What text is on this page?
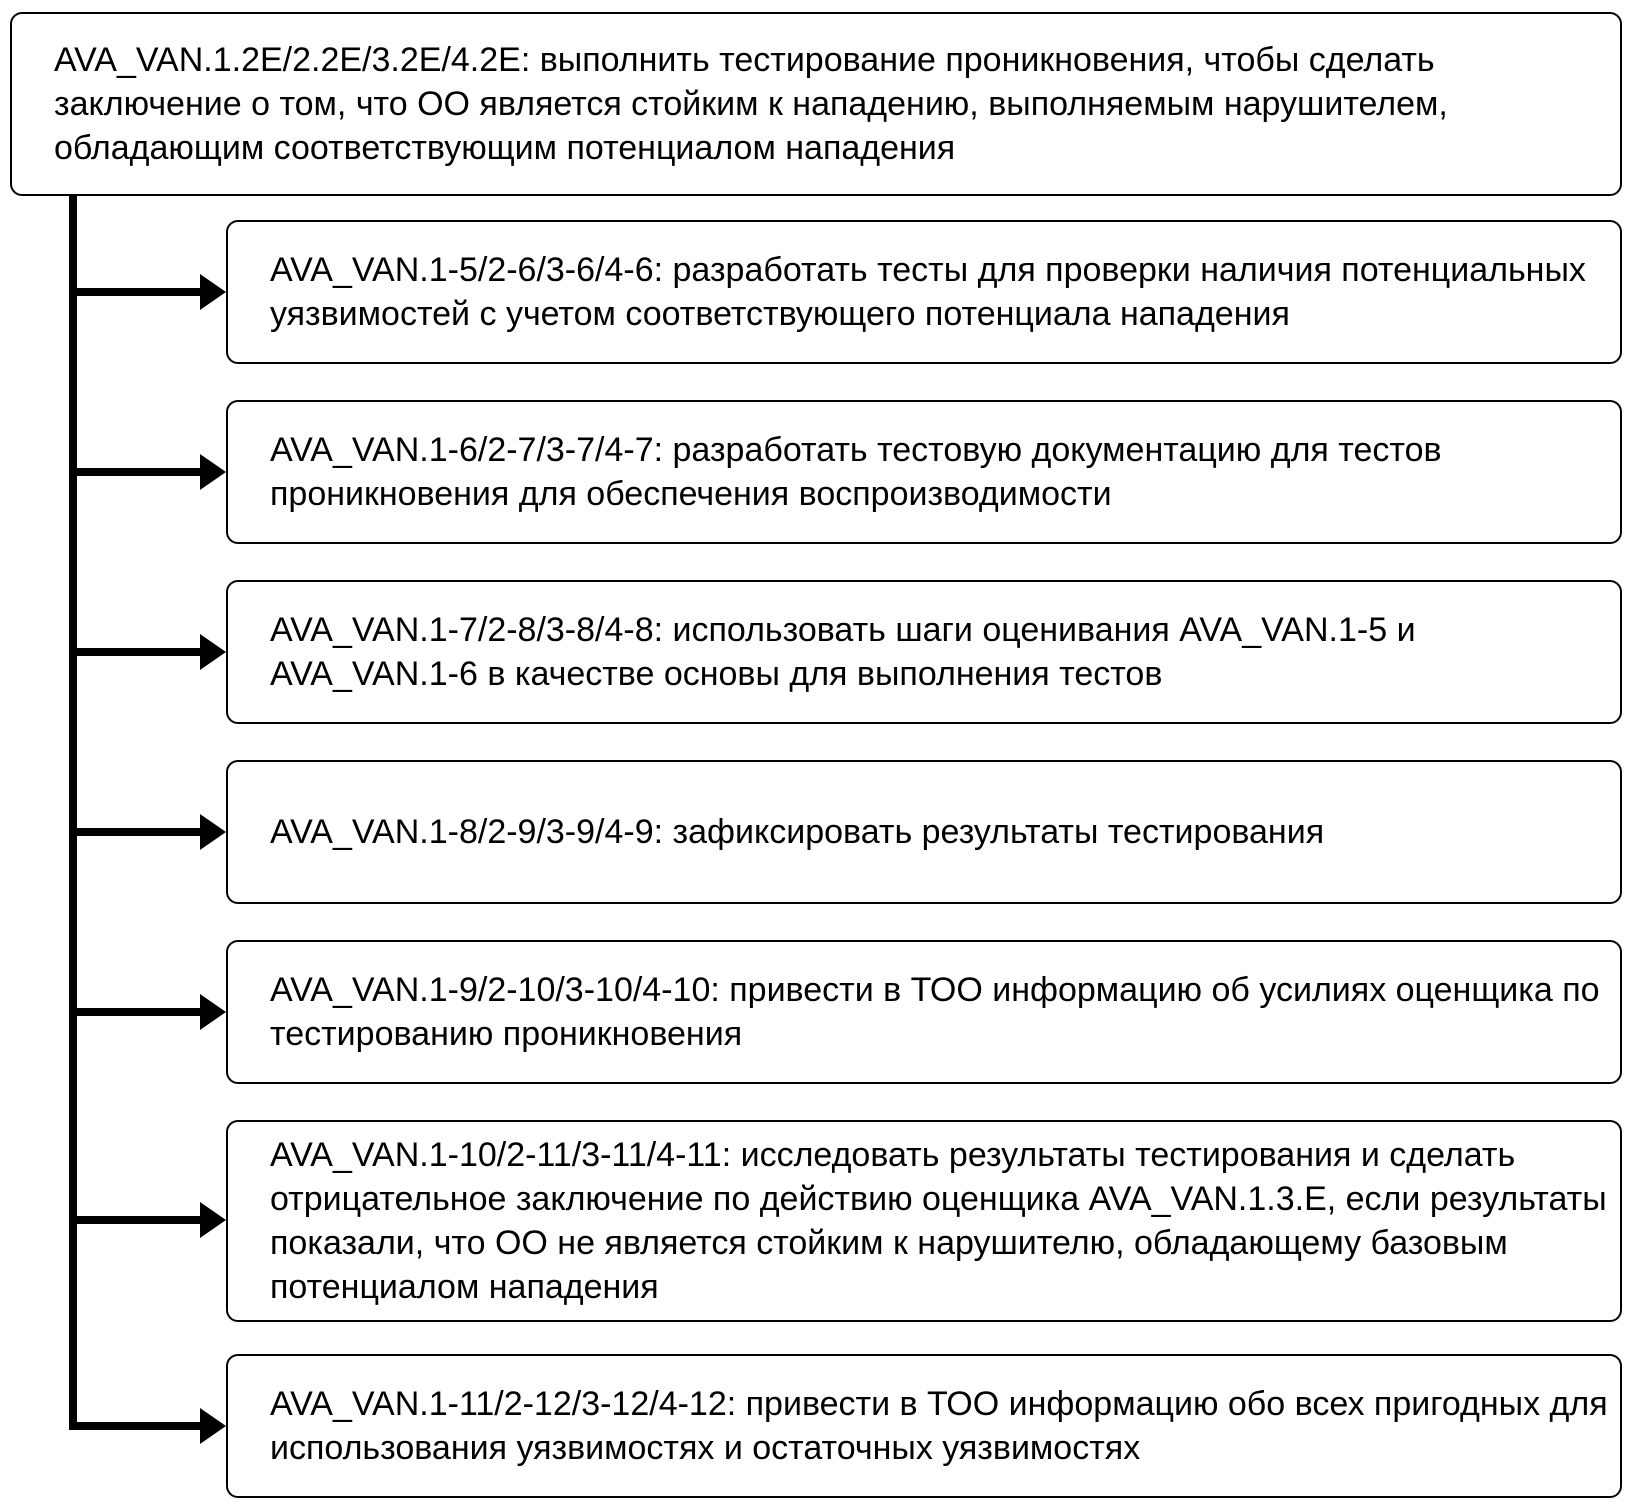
AVA_VAN.1.2E/2.2E/3.2E/4.2E: выполнить тестирование проникновения, чтобы сделать заключение о том, что ОО является стойким к нападению, выполняемым нарушителем, обладающим соответствующим потенциалом нападения
AVA_VAN.1-5/2-6/3-6/4-6: разработать тесты для проверки наличия потенциальных уязвимостей с учетом соответствующего потенциала нападения
AVA_VAN.1-6/2-7/3-7/4-7: разработать тестовую документацию для тестов проникновения для обеспечения воспроизводимости
AVA_VAN.1-7/2-8/3-8/4-8: использовать шаги оценивания AVA_VAN.1-5 и AVA_VAN.1-6 в качестве основы для выполнения тестов
AVA_VAN.1-8/2-9/3-9/4-9: зафиксировать результаты тестирования
AVA_VAN.1-9/2-10/3-10/4-10: привести в ТОО информацию об усилиях оценщика по тестированию проникновения
AVA_VAN.1-10/2-11/3-11/4-11: исследовать результаты тестирования и сделать отрицательное заключение по действию оценщика AVA_VAN.1.3.E, если результаты показали, что ОО не является стойким к нарушителю, обладающему базовым потенциалом нападения
AVA_VAN.1-11/2-12/3-12/4-12: привести в ТОО информацию обо всех пригодных для использования уязвимостях и остаточных уязвимостях
